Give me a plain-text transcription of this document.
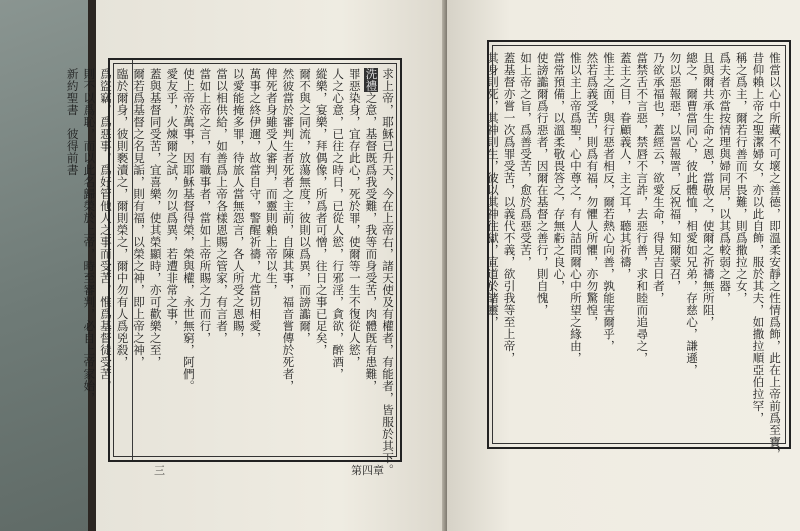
求上帝，耶穌已升天，今在上帝右，諸天使及有權者，有能者，皆服於其下。
洗禮之意，基督既爲我受難，我等而身受苦，肉體旣有患難，
罪惡染身，宜存此心，死於罪，使爾等一生不復從人慾，
人之心意，已往之時日，已從人慾，行邪淫，貪欲，醉酒，
縱樂，宴樂，拜偶像，所爲者可憎，往日之事已足矣，
爾不與之同流，放蕩無度，彼則以爲異，而謗讟爾，
然彼當於審判生者死者之主前，自陳其事，福音嘗傳於死者，
俾死者身雖受人審判，而靈則賴上帝以生，
萬事之終伊邇，故當自守，警醒祈禱，尤當切相愛，
以愛能掩多罪，待旅人當無怨言，各人所受之恩賜，
當以相供給，如善爲上帝各樣恩賜之管家，有言者，
當如上帝之言，有職事者，當如上帝所賜之力而行，
使上帝於萬事，因耶穌基督得榮，榮與權，永世無窮，阿們。
愛友乎，火煉爾之試，勿以爲異，若遭非常之事，
蓋與基督同受苦，宜喜樂，使其榮顯時，亦可歡樂之至，
爾若爲基督之名見詬，則有福，以榮之神，即上帝之神，
臨於爾身，彼則褻瀆之，爾則榮之，爾中勿有人爲兇殺，
爲盜竊，爲惡事，爲好管他人之事而受苦，惟爲基督徒受苦，
則不以爲恥，而以此名歸榮於上帝，時至審判，必自上帝家始，
新約聖書　彼得前書
第四章
三
惟當以心中所藏不可壞之善德，即溫柔安靜之性情爲飾，此在上帝前爲至寶，
昔仰賴上帝之聖潔婦女，亦以此自飾，服於其夫，如撒拉順亞伯拉罕，
稱之爲主，爾若行善而不畏難，則爲撒拉之女，
爲夫者亦當按情理與婦同居，以其爲較弱之器，
且與爾共承生命之恩，當敬之，使爾之祈禱無所阻，
總之，爾曹當同心，彼此體恤，相愛如兄弟，存慈心，謙遜，
勿以惡報惡，以詈報詈，反祝福，知爾蒙召，
乃欲承福也，蓋經云，欲愛生命，得見吉日者，
當禁舌不言惡，禁唇不言詐，去惡行善，求和睦而追尋之，
蓋主之目，眷顧義人，主之耳，聽其祈禱，
惟主之面，與行惡者相反，爾若熱心向善，孰能害爾乎，
然若爲義受苦，則爲有福，勿懼人所懼，亦勿驚惶，
惟以主上帝爲聖，心中尊之，有人詰問爾心中所望之緣由，
當常預備，以溫柔敬畏答之，存無虧之良心，
使謗讟爾爲行惡者，因爾在基督之善行，則自愧，
如上帝之旨，爲善受苦，愈於爲惡受苦，
蓋基督亦嘗一次爲罪受苦，以義代不義，欲引我等至上帝，
其身則死，其神則生，彼以其神往獄，宣道於諸靈，
